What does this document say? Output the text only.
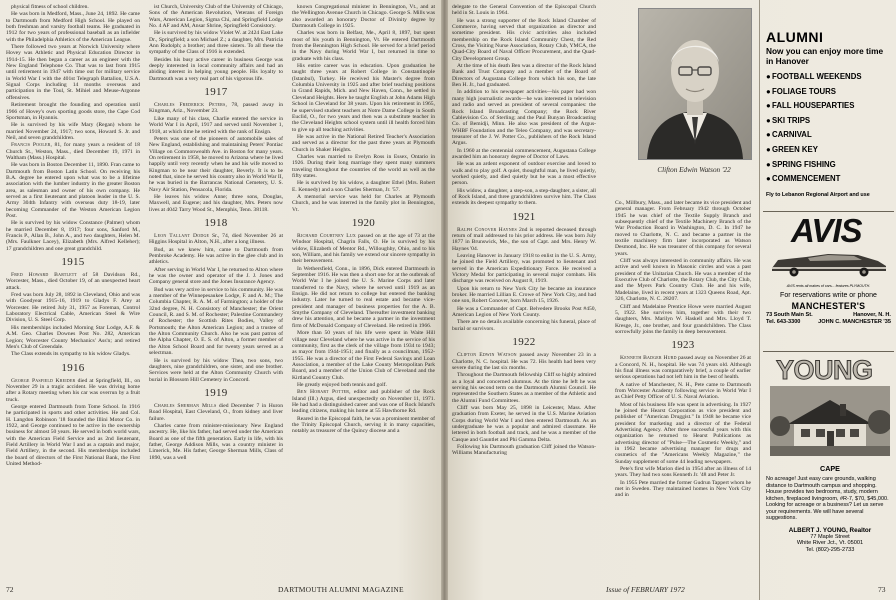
physical fitness of school children.

He was born in Medford, Mass., June 24, 1892. He came to Dartmouth from Medford High School. He played on both freshman and varsity football teams. He graduated in 1912 for two years of professional baseball as an infielder with the Philadelphia Athletics of the American League.

There followed two years at Norwich University where Hovey was Athletic and Physical Education Director in 1914-15. He then began a career as an engineer with the New England Telephone Co. That was to last from 1915 until retirement in 1947 with time out for military service in World War I with the 401st Telegraph Battalion, U.S.A. Signal Corps including 14 months overseas and participation in the Toul, St. Mihiel and Meuse-Argonne offensives.

Retirement brought the founding and operation until 1966 of Hovey's own sporting goods store, the Cape Cod Sportsman, in Hyannis.

He is survived by his wife Mary (Regan) whom he married November 24, 1917; two sons, Howard S. Jr. and Neil, and seven grandchildren.

Francis Pooler, 81, for many years a resident of 18 Church St., Weston, Mass., died December 19, 1971 in Waltham (Mass.) Hospital.

He was born in Boston December 11, 1890. Fran came to Dartmouth from Boston Latin School. On receiving his B.A. degree he entered upon what was to be a lifetime association with the lumber industry in the greater Boston area, as salesman and owner of his own company. He served as a first lieutenant and platoon leader in the U. S. Army 304th Infantry with overseas duty 18-19, later becoming Commander of the Weston American Legion Post.

He is survived by his widow Constance (Palmer) whom he married December 8, 1917; four sons, Sanford M., Francis P., Allan B., John A., and two daughters, Helen M. (Mrs. Faulkner Lacey), Elizabeth (Mrs. Alfred Kelleher); 17 grandchildren and one great grandchild.

1915

Fred Howard Bartlett of 58 Davidson Rd., Worcester, Mass., died October 19, of an unexpected heart attack.

Fred was born July 28, 1892 in Cleveland, Ohio and was with Goodyear 1915-16, 1919 to Gladys F. Arey at Worcester. He retired July 31, 1957 as Foreman, Control Laboratory Electrical Cable, American Steel & Wire Division, U. S. Steel Corp.

His memberships included Morning Star Lodge, A.F. & A.M. Geo. Charles Downes Post No. 282, American Legion; Worcester County Mechanics' Ass'n; and retired Men's Club of Greendale.

The Class extends its sympathy to his widow Gladys.

1916

George Pasfield Kreider died at Springfield, Ill., on November 29 in a tragic accident. He was driving home after a Rotary meeting when his car was overrun by a fruit truck.

George entered Dartmouth from Tome School. In 1916 he participated in sports and other activities. He and Col. H. Langdon Robinson '18 founded the Illini Motor Co. in 1922, and George continued to be active in the ownership business for almost 50 years. He served in both world wars, with the American Field Service and as 2nd lieutenant, Field Artillery in World War I and as a captain and major, Field Artillery, in the second. His memberships included the board of directors of the First National Bank, the First United Method-

ist Church, University Club of the University of Chicago, Sons of the American Revolution, Veterans of Foreign Wars, American Legion, Sigma Chi, and Springfield Lodge No. 4 AF and AM, Ansar Shrine, Springfield Consistory.

He is survived by his widow Violet W. at 2424 East Lake Dr., Springfield; a son Michael Z.; a daughter, Mrs. Patricia Ann Rudolph; a brother; and three sisters. To all these the sympathy of the Class of 1916 is extended.

Besides his busy active career in business George was deeply interested in local community affairs and had an abiding interest in helping young people. His loyalty to Dartmouth was a very real part of his vigorous life.

1917

Charles Frederick Peters, 78, passed away in Kingman, Ariz., November 23.

Like many of his class, Charlie entered the service in World War I in April, 1917 and served until November 1, 1918, at which time he retired with the rank of Ensign.

Peters was one of the pioneers of automobile sales of New England, establishing and maintaining Peters' Pontiac Village on Commonwealth Ave. in Boston for many years. On retirement in 1958, he moved to Arizona where he lived happily until very recently when he and his wife moved to Kingman to be near their daughter, Beverly. It is to be noted that, since he served his country also in World War II, he was buried in the Barrancas National Cemetery, U. S. Navy Air Station, Pensacola, Florida.

He leaves his widow Anne; three sons, Douglas, Maxwell, and Eugene; and his daughter, Mrs. Peters now lives at 4042 Tarry Wood St., Memphis, Tenn. 38118.

1918

Leon Tallant Dodge Sr., 74, died November 26 at Higgins Hospital in Alton, N.H., after a long illness.

Bud, as we knew him, came to Dartmouth from Pembroke Academy. He was active in the glee club and in athletics.

After serving in World War I, he returned to Alton where he was the owner and operator of the J. J. Jones and Company general store and the Jones Insurance Agency.

Bud was very active in service to his community. He was a member of the Winnepesaukee Lodge, F. and A. M.; The Columbia Chapter, R. A. M. of Farmington; a holder of the 32nd degree, N. H. Consistory of Manchester; the Orient Council, R. and S. M. of Rochester; Palestine Commandery of Rochester; the Scottish Rites Bodies, Valley of Portsmouth; the Alton American Legion; and a trustee of the Alton Community Church. Also he was past patron of the Alpha Chapter, O. E. S. of Alton, a former member of the Alton School Board and for twenty years served as a selectman.

He is survived by his widow Thea, two sons, two daughters, nine grandchildren, one sister, and one brother. Services were held at the Alton Community Church with burial in Blossom Hill Cemetery in Concord.

1919

Charles Sherman Mills died December 7 in Huron Road Hospital, East Cleveland, O., from kidney and liver failure.

Charles came from minister-missionary New England ancestry. He, like his father, had served under the American Board as one of the fifth generation. Early in life, with his father, George Addison Mills, was a country minister in Limerick, Me. His father, George Sherman Mills, Class of 1890, was a well

known Congregational minister in Bennington, Vt., and at the Wellington Avenue Church in Chicago. George S. Mills was also awarded an honorary Doctor of Divinity degree by Dartmouth College in 1925.

Charles was born in Belfast, Me., April 8, 1897, but spent most of his youth in Bennington, Vt. He entered Dartmouth from the Bennington High School. He served for a brief period in the Navy during World War I, but returned in time to graduate with his class.

His entire career was in education. Upon graduation he taught three years at Robert College in Constantinople (Istanbul), Turkey. He received his Master's degree from Columbia University in 1925 and after brief teaching positions in Grand Rapids, Mich. and New Haven, Conn., he settled in Cleveland Heights. Here he taught English at John Adams High School in Cleveland for 38 years. Upon his retirement in 1965, he supervised student teachers at Notre Dame College in South Euclid, O., for two years and then was a substitute teacher in the Cleveland Heights school system until ill health forced him to give up all teaching activities.

He was active in the National Retired Teacher's Association and served as a director for the past three years at Plymouth Church in Shaker Heights.

Charles was married to Evelyn Ross in Essex, Ontario in 1926. During their long marriage they spent many summers traveling throughout the countries of the world as well as the fifty states.

He is survived by his widow, a daughter Ethel (Mrs. Robert E. Kennedy) and a son Charles Sherman, Jr. '57.

A memorial service was held for Charles at Plymouth Church, and he was interred in the family plot in Bennington, Vt.

1920

Richard Courtney Lux passed on at the age of 73 at the Windsor Hospital, Chagrin Falls, O. He is survived by his widow, Elizabeth of Mentor Rd., Willoughby, Ohio, and to his son, William, and his family we extend our sincere sympathy in their bereavement.

In Wethersfield, Conn., in 1896, Dick entered Dartmouth in September 1916. He was then a short one for at the outbreak of World War I he joined the U. S. Marine Corps and later transferred to the Navy, where he served until 1919 as an Ensign. He did not return to college but entered the banking industry. Later he turned to real estate and became vice-president and manager of business properties for the A. B. Smythe Company of Cleveland. Thereafter investment banking drew his attention, and he became a partner in the investment firm of McDonald Company of Cleveland. He retired in 1966.

More than 50 years of his life were spent in Waite Hill village near Cleveland where he was active in the service of his community, first as the clerk of the village from 1934 to 1943; as mayor from 1944-1951; and finally as a councilman, 1952-1955. He was a director of the First Federal Savings and Loan Association, a member of the Lake County Metropolitan Park Board, and a member of the Union Club of Cleveland and the Kirtland Country Club.

He greatly enjoyed both tennis and golf.

Ben Hobart Potter, editor and publisher of the Rock Island (Ill.) Argus, died unexpectedly on November 11, 1971. He had had a distinguished career and was one of Rock Island's leading citizens, making his home at 55 Hawthorne Rd.

Reared in the Episcopal faith, he was a prominent member of the Trinity Episcopal Church, serving it in many capacities, notably as treasurer of the Quincy diocese and a

72	DARTMOUTH ALUMNI MAGAZINE

delegate to the General Convention of the Episcopal Church held in St. Louis in 1964.

He was a strong supporter of the Rock Island Chamber of Commerce, having served that organization as director and sometime president. His civic activities also included membership on the Rock Island Community Chest, the Red Cross, the Visiting Nurse Association, Rotary Club, YMCA, the Quad-City Board of Naval Officer Procurement, and the Quad-City Development Group.

At the time of his death Ben was a director of the Rock Island Bank and Trust Company and a member of the Board of Directors of Augustana College from which his son, the late Ben H. Jr., had graduated.

In addition to his newspaper activities—his paper had won many high journalistic awards—he was interested in television and radio and served as president of several companies: the Rock Island Broadcasting Company; the Rock River Cablevision Co. of Sterling; and the Paul Bunyan Broadcasting Co. of Bemidji, Minn. He also was president of the Argus-WHBF Foundation and the Teleo Company, and was secretary-treasurer of the J. W. Potter Co., publishers of the Rock Island Argus.

In 1960 at the centennial commencement, Augustana College awarded him an honorary degree of Doctor of Laws.

He was an ardent exponent of outdoor exercise and loved to walk and to play golf. A quiet, thoughtful man, he lived quietly, worked quietly, and died quietly but he was a most effective person.

His widow, a daughter, a step-son, a step-daughter, a sister, all of Rock Island, and three grandchildren survive him. The Class extends its deepest sympathy to them.

1921

Ralph Conover Haynes 2nd is reported deceased through return of mail addressed to his prior address. He was born July 1877 in Brunswick, Me., the son of Capt. and Mrs. Henry W. Haynes '04.

Leaving Hanover in January 1918 to enlist in the U. S. Army, he joined the Field Artillery, was promoted to lieutenant and served in the American Expeditionary Force. He received a Victory Medal for participating in several major combats. His discharge was received on August 8, 1919.

Upon his return to New York City he became an insurance broker. He married Lillian E. Crowe of New York City, and had one son, Robert Conover, born March 15, 1926.

He was a Commander of Capt. Belvedere Brooks Post #450, American Legion of New York County.

There are no details available concerning his funeral, place of burial or survivors.

1922

Clifton Edwin Watson passed away November 23 in a Charlotte, N. C. hospital. He was 72. His health had been very severe during the last six months.

Throughout the Dartmouth fellowship Cliff so highly admired as a loyal and concerned alumnus. At the time he left he was serving his second term on the Dartmouth Alumni Council. He represented the Southern States as a member of the Athletic and the Alumni Fund Committees.

Cliff was born May 25, 1898 in Leicester, Mass. After graduation from Exeter, he served in the U.S. Marine Aviation Corps during World War I and then entered Dartmouth. As an undergraduate he was a popular and admired classmate. He lettered in both football and track, and he was a member of the Casque and Gauntlet and Phi Gamma Delta.

Following his Dartmouth graduation Cliff joined the Watson-Williams Manufacturing

Co., Millbury, Mass., and later became its vice president and general manager. From February 1942 through October 1945 he was chief of the Textile Supply Branch and subsequently chief of the Textile Machinery Branch of the War Production Board in Washington, D. C. In 1947 he moved to Charlotte, N. C. and became a partner in the textile machinery firm later incorporated as Watson Desmond, Inc. He was treasurer of this company for several years.

Cliff was always interested in community affairs. He was active and well known in Masonic circles and was a past president of the Unitarian Church. He was a member of the Executive Club of Charlotte, the Rotary Club, the City Club, and the Myers Park Country Club. He and his wife, Madelaine, lived in recent years at 1323 Queens Road, Apt. 326, Charlotte, N. C. 28207.

Cliff and Madelaine Prentice Howe were married August 5, 1922. She survives him, together with their two daughters, Mrs. Marilyn W. Haskell and Mrs. Lloyd T. Kresge, Jr., one brother, and four grandchildren. The Class sorrowfully joins the family in deep bereavement.

1923

Kenneth Badger Hurd passed away on November 26 at a Concord, N. H., hospital. He was 74 years old. Although his final illness was comparatively brief, a couple of earlier serious operations had not left him in the best of health.

A native of Manchester, N. H., Pete came to Dartmouth from Worcester Academy following service in World War I as Chief Petty Officer of U. S. Naval Aviation.

Most of his business life was spent in advertising. In 1927 he joined the Hearst Corporation as vice president and publisher of "American Druggist." In 1948 he became vice president for marketing and a director of the Federal Advertising Agency. After three successful years with this organization he returned to Hearst Publications as advertising director of "Pulse—The Cosmetic Weekly," and in 1962 became advertising manager for drugs and cosmetics of the "Americans Weekly Magazine," the Sunday supplement of some 44 leading newspapers.

Pete's first wife Marion died in 1954 after an illness of 14 years. They had two sons Kenneth Jr. '48 and Peter Jr.

In 1955 Pete married the former Gudrun Tappert whom he met in Sweden. They maintained homes in New York City and in

Clifton Edwin Watson '22
ALUMNI
Now you can enjoy more time in Hanover
●FOOTBALL WEEKENDS
●FOLIAGE TOURS
●FALL HOUSEPARTIES
●SKI TRIPS
●CARNIVAL
●GREEN KEY
●SPRING FISHING
●COMMENCEMENT
Fly to Lebanon Regional Airport and use
AVIS
AVIS rents all makes of cars... features PLYMOUTH.
For reservations write or phone
MANCHESTER'S
73 South Main St.	Hanover, N. H.
Tel. 643-3300	JOHN C. MANCHESTER '35
YOUNG
CAPE
No acreage! Just easy care grounds, walking distance to Dartmouth campus and shopping. House provides two bedrooms, study, modern kitchen, fireplaced livingroom, #R-7, $70, $45,000. Looking for acreage or a business? Let us serve your requirements. We will have several suggestions.
ALBERT J. YOUNG, Realtor
77 Maple Street
White River Jct., Vt. 05001
Tel. (802)-295-2733
Issue of FEBRUARY 1972	73
